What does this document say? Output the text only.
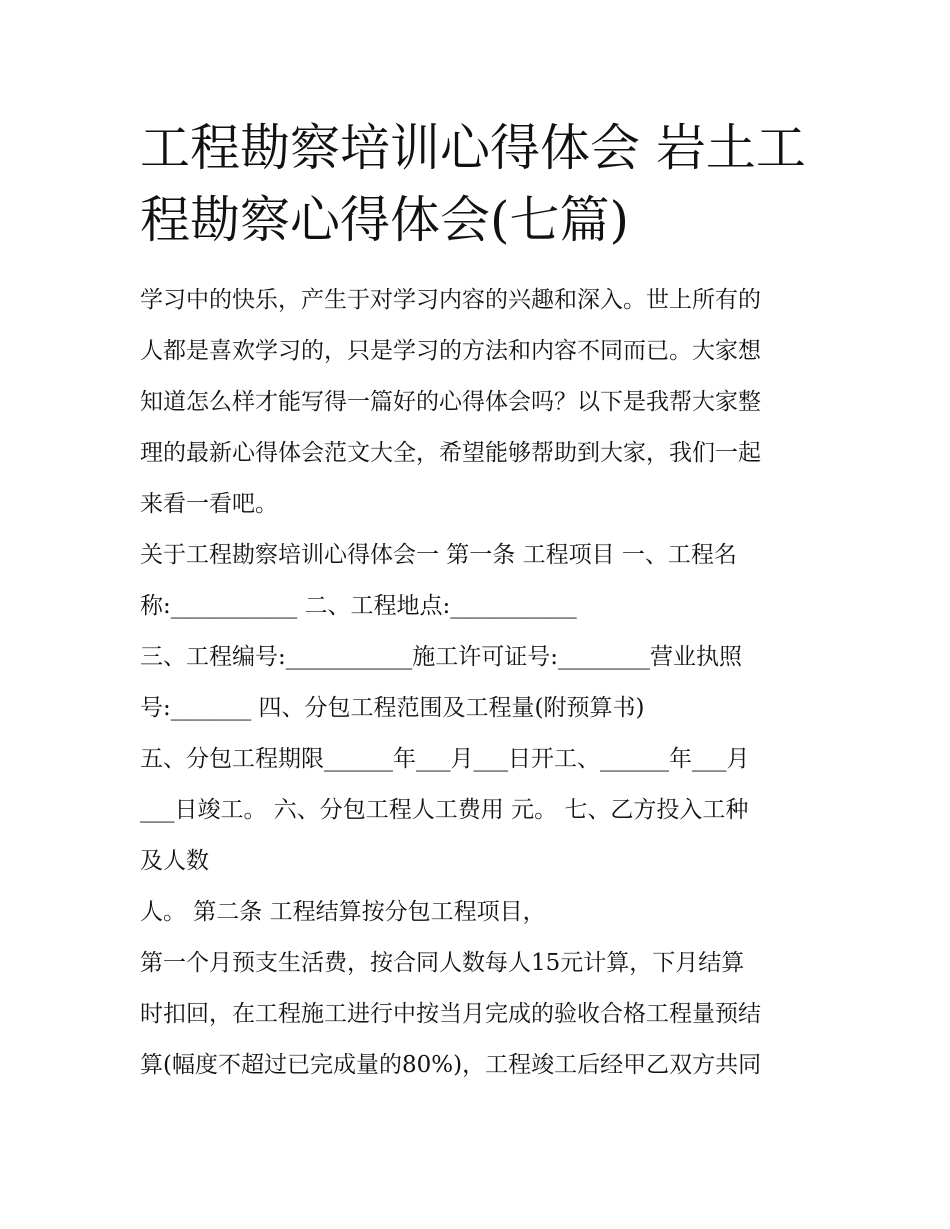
工程勘察培训心得体会 岩土工
程勘察心得体会(七篇)
学习中的快乐，产生于对学习内容的兴趣和深入。世上所有的
人都是喜欢学习的，只是学习的方法和内容不同而已。大家想
知道怎么样才能写得一篇好的心得体会吗？以下是我帮大家整
理的最新心得体会范文大全，希望能够帮助到大家，我们一起
来看一看吧。
关于工程勘察培训心得体会一 第一条 工程项目 一、工程名
称:___________ 二、工程地点:___________
三、工程编号:___________施工许可证号:________营业执照
号:_______ 四、分包工程范围及工程量(附预算书)
五、分包工程期限______年___月___日开工、______年___月
___日竣工。 六、分包工程人工费用 元。 七、乙方投入工种
及人数
人。 第二条 工程结算按分包工程项目，
第一个月预支生活费，按合同人数每人15元计算，下月结算
时扣回，在工程施工进行中按当月完成的验收合格工程量预结
算(幅度不超过已完成量的80%)，工程竣工后经甲乙双方共同
